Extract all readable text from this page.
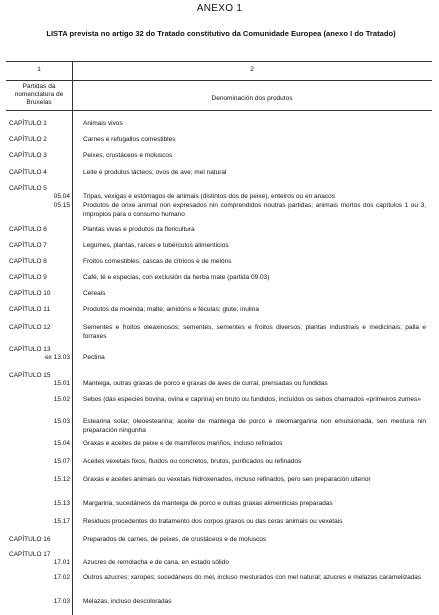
ANEXO 1
LISTA prevista no artigo 32 do Tratado constitutivo da Comunidade Europea (anexo I do Tratado)
1	2
Partidas da
nomenclatura de
Bruxelas
Denominación dos produtos
CAPÍTULO 1	Animais vivos
CAPÍTULO 2	Carnes e refugallos comestibles
CAPÍTULO 3	Peixes, crustáceos e moluscos
CAPÍTULO 4	Leite e produtos lácteos; ovos de ave; mel natural
CAPÍTULO 5
05.04 Tripas, vexigas e estómagos de animais (distintos dos de peixe), enteiros ou en anacos
05.15 Produtos de orixe animal non expresados nin comprendidos noutras partidas; animais mortos dos capítulos 1 ou 3, impropios para o consumo humano
CAPÍTULO 6	Plantas vivas e produtos da floricultura
CAPÍTULO 7	Legumes, plantas, raíces e tubérculos alimenticios
CAPÍTULO 8	Froitos comestibles; cascas de cítricos e de melóns
CAPÍTULO 9	Café, té e especias, con exclusión da herba mate (partida 09.03)
CAPÍTULO 10	Cereais
CAPÍTULO 11	Produtos da moenda; malte; amidóns e féculas; glute; inulina
CAPÍTULO 12	Sementes e froitos oleaxinosos; sementes, sementes e froitos diversos; plantas industriais e medicinais; palla e forraxes
CAPÍTULO 13
ex 13.03 Pectina
CAPÍTULO 15
15.01 Manteiga, outras graxas de porco e graxas de aves de curral, prensadas ou fundidas
15.02 Sebos (das especies bovina, ovina e caprina) en bruto ou fundidos, incluídos os sebos chamados «primeiros zumes»
15.03 Estearina solar; oleoestearina; aceite de manteiga de porco e oleomargarina non emulsionada, sen mestura nin preparación ningunha
15.04 Graxas e aceites de peixe e de mamíferos mariños, incluso refinados
15.07 Aceites vexetais fixos, fluídos ou concretos, brutos, purificados ou refinados
15.12 Graxas e aceites animais ou vexetais hidroxenados, incluso refinados, pero sen preparación ulterior
15.13 Margarina, sucedáneos da manteiga de porco e outras graxas alimenticias preparadas
15.17 Residuos procedentes do tratamento dos corpos graxos ou das ceras animais ou vexetais
CAPÍTULO 16	Preparados de carnes, de peixes, de crustáceos e de moluscos
CAPÍTULO 17
17.01 Azucres de remolacha e de cana, en estado sólido
17.02 Outros azucres; xaropes; sucedáneos do mel, incluso mesturados con mel natural; azucres e melazas caramelizadas
17.03 Melazas, incluso descoloradas
